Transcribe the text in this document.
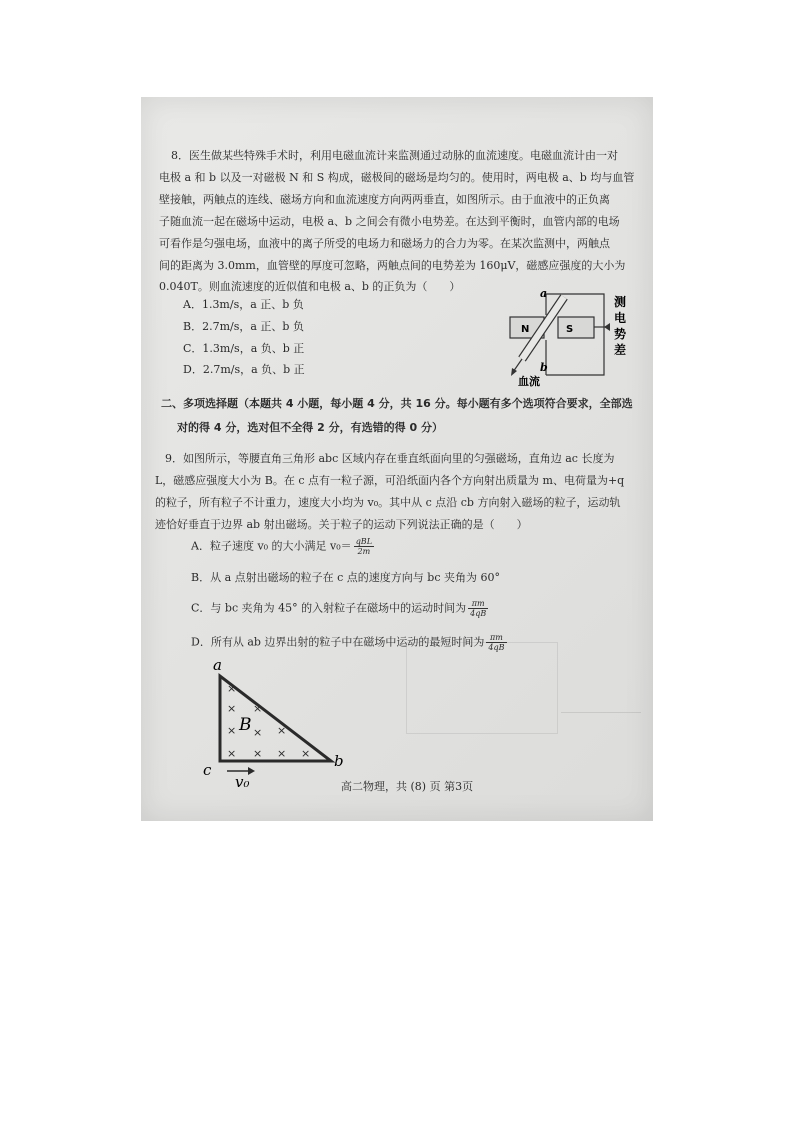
8．医生做某些特殊手术时，利用电磁血流计来监测通过动脉的血流速度。电磁血流计由一对
电极 a 和 b 以及一对磁极 N 和 S 构成，磁极间的磁场是均匀的。使用时，两电极 a、b 均与血管
壁接触，两触点的连线、磁场方向和血流速度方向两两垂直，如图所示。由于血液中的正负离
子随血流一起在磁场中运动，电极 a、b 之间会有微小电势差。在达到平衡时，血管内部的电场
可看作是匀强电场，血液中的离子所受的电场力和磁场力的合力为零。在某次监测中，两触点
间的距离为 3.0mm，血管壁的厚度可忽略，两触点间的电势差为 160μV，磁感应强度的大小为
0.040T。则血流速度的近似值和电极 a、b 的正负为（　　）
A．1.3m/s，a 正、b 负
B．2.7m/s，a 正、b 负
C．1.3m/s，a 负、b 正
D．2.7m/s，a 负、b 正
a
b
N	S
测
电
势
差
血流
二、多项选择题（本题共 4 小题，每小题 4 分，共 16 分。每小题有多个选项符合要求，全部选
对的得 4 分，选对但不全得 2 分，有选错的得 0 分）
9．如图所示，等腰直角三角形 abc 区域内存在垂直纸面向里的匀强磁场，直角边 ac 长度为
L，磁感应强度大小为 B。在 c 点有一粒子源，可沿纸面内各个方向射出质量为 m、电荷量为+q
的粒子，所有粒子不计重力，速度大小均为 v₀。其中从 c 点沿 cb 方向射入磁场的粒子，运动轨
迹恰好垂直于边界 ab 射出磁场。关于粒子的运动下列说法正确的是（　　）
A．粒子速度 v₀ 的大小满足 $v_0= \frac{\text{qBL}}{2m}$
B．从 a 点射出磁场的粒子在 c 点的速度方向与 bc 夹角为 60°
C．与 bc 夹角为 45° 的入射粒子在磁场中的运动时间为 $\frac{\pi m}{4qB}$
D．所有从 ab 边界出射的粒子中在磁场中运动的最短时间为 $\frac{\pi m}{4qB}$
×
× ×
× × ×
× × × ×
B
a
b
c
v₀	高二物理，共 (8) 页 第3页
